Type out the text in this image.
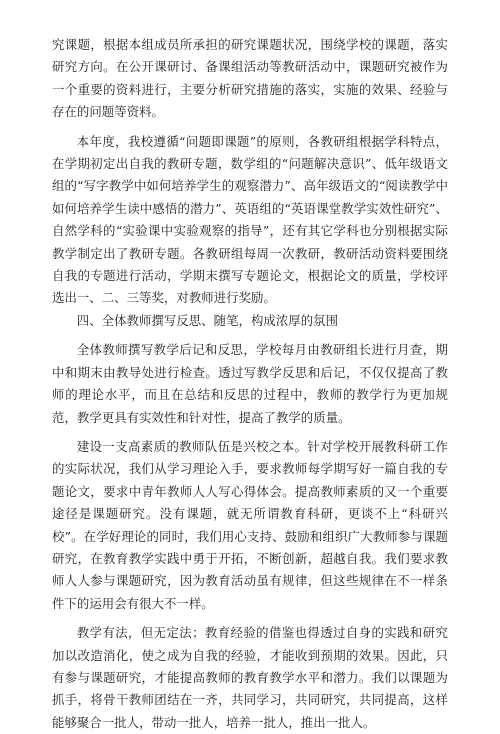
究课题，根据本组成员所承担的研究课题状况，围绕学校的课题，落实研究方向。在公开课研讨、备课组活动等教研活动中，课题研究被作为一个重要的资料进行，主要分析研究措施的落实，实施的效果、经验与存在的问题等资料。

本年度，我校遵循“问题即课题”的原则，各教研组根据学科特点，在学期初定出自我的教研专题，数学组的“问题解决意识”、低年级语文组的“写字教学中如何培养学生的观察潜力”、高年级语文的“阅读教学中如何培养学生读中感悟的潜力”、英语组的“英语课堂教学实效性研究”、自然学科的“实验课中实验观察的指导”，还有其它学科也分别根据实际教学制定出了教研专题。各教研组每周一次教研，教研活动资料要围绕自我的专题进行活动，学期末撰写专题论文，根据论文的质量，学校评选出一、二、三等奖，对教师进行奖励。

四、全体教师撰写反思、随笔，构成浓厚的氛围

全体教师撰写教学后记和反思，学校每月由教研组长进行月查，期中和期末由教导处进行检查。透过写教学反思和后记，不仅仅提高了教师的理论水平，而且在总结和反思的过程中，教师的教学行为更加规范，教学更具有实效性和针对性，提高了教学的质量。

建设一支高素质的教师队伍是兴校之本。针对学校开展教科研工作的实际状况，我们从学习理论入手，要求教师每学期写好一篇自我的专题论文，要求中青年教师人人写心得体会。提高教师素质的又一个重要途径是课题研究。没有课题，就无所谓教育科研，更谈不上“科研兴校”。在学好理论的同时，我们用心支持、鼓励和组织广大教师参与课题研究，在教育教学实践中勇于开拓，不断创新，超越自我。我们要求教师人人参与课题研究，因为教育活动虽有规律，但这些规律在不一样条件下的运用会有很大不一样。

教学有法，但无定法；教育经验的借鉴也得透过自身的实践和研究加以改造消化，使之成为自我的经验，才能收到预期的效果。因此，只有参与课题研究，才能提高教师的教育教学水平和潜力。我们以课题为抓手，将骨干教师团结在一齐，共同学习，共同研究，共同提高，这样能够聚合一批人，带动一批人，培养一批人，推出一批人。
